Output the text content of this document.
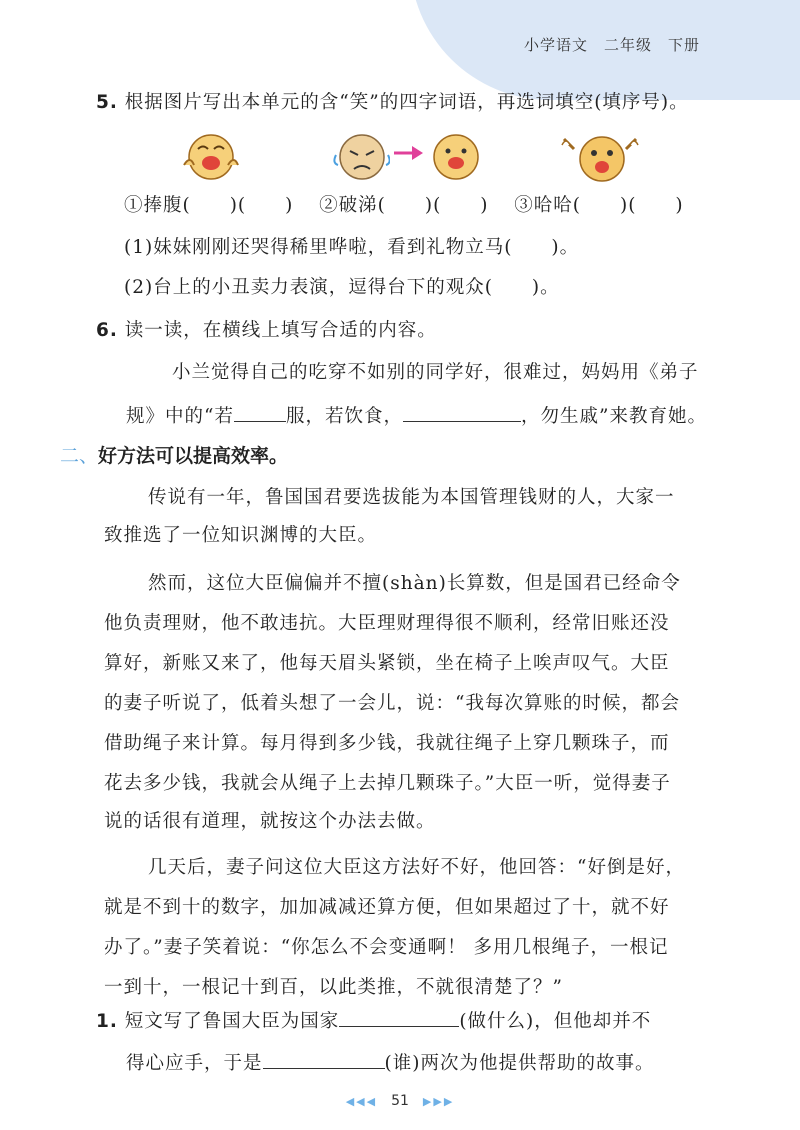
小学语文　二年级　下册
5. 根据图片写出本单元的含“笑”的四字词语，再选词填空(填序号)。
①捧腹(　　)(　　) ②破涕(　　)(　　) ③哈哈(　　)(　　)
(1)妹妹刚刚还哭得稀里哗啦，看到礼物立马(　　)。
(2)台上的小丑卖力表演，逗得台下的观众(　　)。
6. 读一读，在横线上填写合适的内容。
小兰觉得自己的吃穿不如别的同学好，很难过，妈妈用《弟子
规》中的“若	服，若饮食，	，勿生戚”来教育她。
二、好方法可以提高效率。
传说有一年，鲁国国君要选拔能为本国管理钱财的人，大家一
致推选了一位知识渊博的大臣。
然而，这位大臣偏偏并不擅(shàn)长算数，但是国君已经命令
他负责理财，他不敢违抗。大臣理财理得很不顺利，经常旧账还没
算好，新账又来了，他每天眉头紧锁，坐在椅子上唉声叹气。大臣
的妻子听说了，低着头想了一会儿，说：“我每次算账的时候，都会
借助绳子来计算。每月得到多少钱，我就往绳子上穿几颗珠子，而
花去多少钱，我就会从绳子上去掉几颗珠子。”大臣一听，觉得妻子
说的话很有道理，就按这个办法去做。
几天后，妻子问这位大臣这方法好不好，他回答：“好倒是好，
就是不到十的数字，加加减减还算方便，但如果超过了十，就不好
办了。”妻子笑着说：“你怎么不会变通啊！ 多用几根绳子，一根记
一到十，一根记十到百，以此类推，不就很清楚了？”
1. 短文写了鲁国大臣为国家	(做什么)，但他却并不
得心应手，于是	(谁)两次为他提供帮助的故事。
◀◀◀ 51 ▶▶▶
